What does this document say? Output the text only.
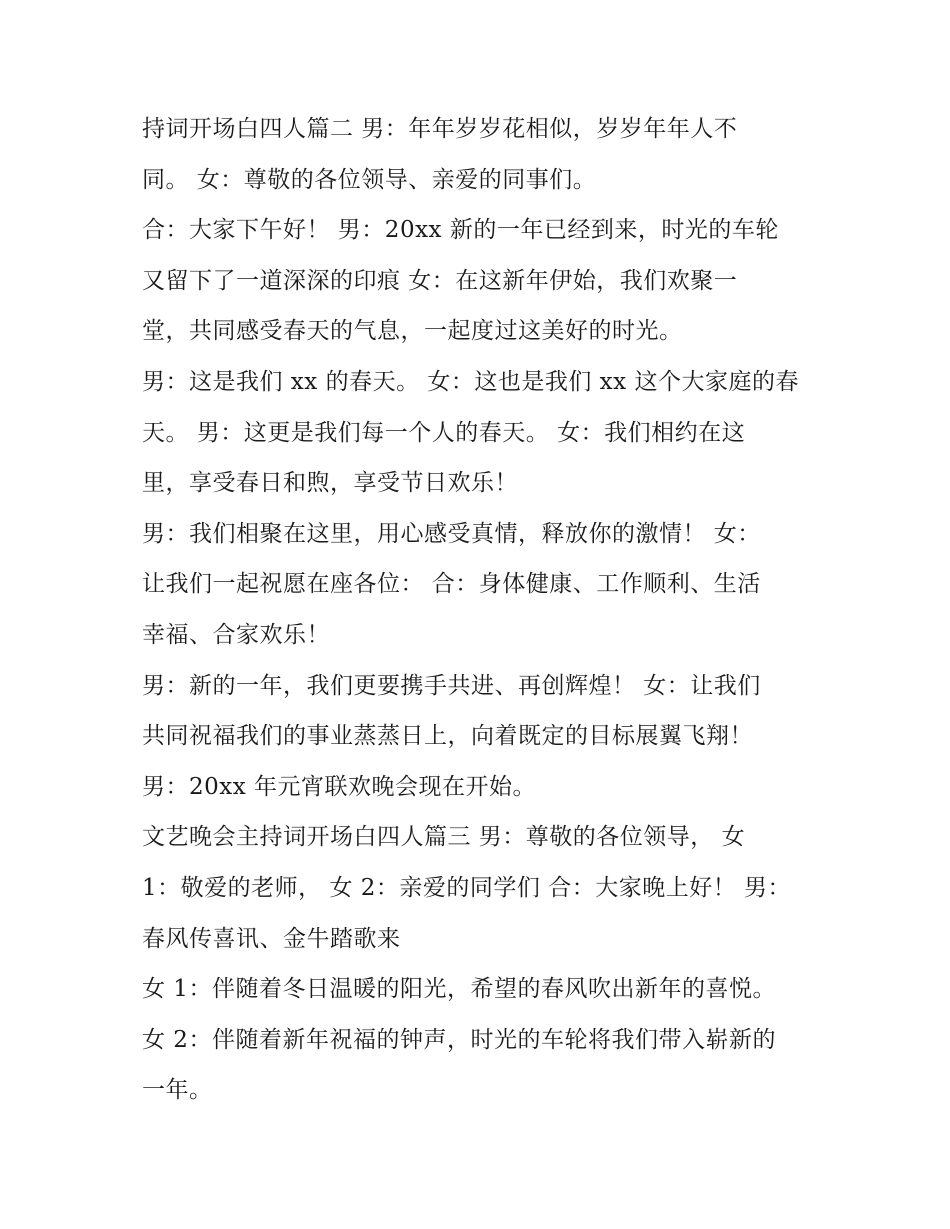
持词开场白四人篇二 男：年年岁岁花相似，岁岁年年人不
同。 女：尊敬的各位领导、亲爱的同事们。
合：大家下午好！ 男：20xx 新的一年已经到来，时光的车轮
又留下了一道深深的印痕 女：在这新年伊始，我们欢聚一
堂，共同感受春天的气息，一起度过这美好的时光。
男：这是我们 xx 的春天。 女：这也是我们 xx 这个大家庭的春
天。 男：这更是我们每一个人的春天。 女：我们相约在这
里，享受春日和煦，享受节日欢乐！
男：我们相聚在这里，用心感受真情，释放你的激情！ 女：
让我们一起祝愿在座各位： 合：身体健康、工作顺利、生活
幸福、合家欢乐！
男：新的一年，我们更要携手共进、再创辉煌！ 女：让我们
共同祝福我们的事业蒸蒸日上，向着既定的目标展翼飞翔！
男：20xx 年元宵联欢晚会现在开始。
文艺晚会主持词开场白四人篇三 男：尊敬的各位领导， 女
1：敬爱的老师， 女 2：亲爱的同学们 合：大家晚上好！ 男：
春风传喜讯、金牛踏歌来
女 1：伴随着冬日温暖的阳光，希望的春风吹出新年的喜悦。
女 2：伴随着新年祝福的钟声，时光的车轮将我们带入崭新的
一年。
